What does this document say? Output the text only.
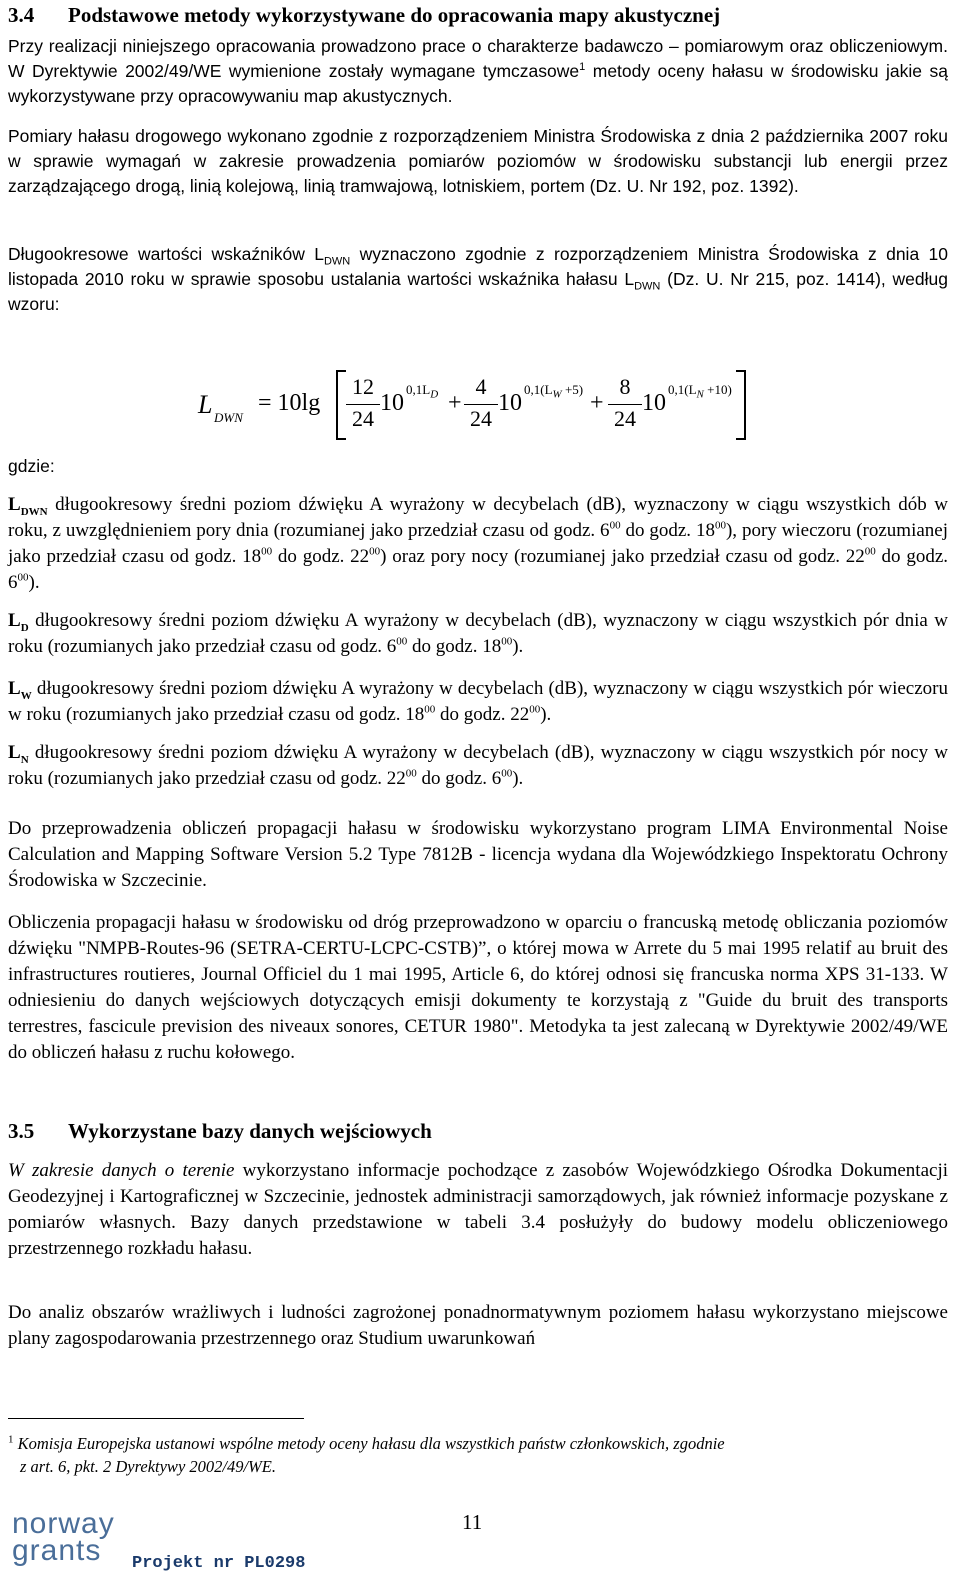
3.4	Podstawowe metody wykorzystywane do opracowania mapy akustycznej

Przy realizacji niniejszego opracowania prowadzono prace o charakterze badawczo – pomiarowym oraz obliczeniowym. W Dyrektywie 2002/49/WE wymienione zostały wymagane tymczasowe$^1$ metody oceny hałasu w środowisku jakie są wykorzystywane przy opracowywaniu map akustycznych.

Pomiary hałasu drogowego wykonano zgodnie z rozporządzeniem Ministra Środowiska z dnia 2 października 2007 roku w sprawie wymagań w zakresie prowadzenia pomiarów poziomów w środowisku substancji lub energii przez zarządzającego drogą, linią kolejową, linią tramwajową, lotniskiem, portem (Dz. U. Nr 192, poz. 1392).

Długookresowe wartości wskaźników $L_{DWN}$ wyznaczono zgodnie z rozporządzeniem Ministra Środowiska z dnia 10 listopada 2010 roku w sprawie sposobu ustalania wartości wskaźnika hałasu $L_{DWN}$ (Dz. U. Nr 215, poz. 1414), według wzoru:

L DWN
= 10lg
12
24
10
$0,1L_D$ +
4
24
10
$0,1(L_W +5)$
+
8
24
10
$0,1(L_N +10)$

gdzie:

$L_{DWN}$ długookresowy średni poziom dźwięku A wyrażony w decybelach (dB), wyznaczony w ciągu wszystkich dób w roku, z uwzględnieniem pory dnia (rozumianej jako przedział czasu od godz. $6^{00}$ do godz. $18^{00}$), pory wieczoru (rozumianej jako przedział czasu od godz. $18^{00}$ do godz. $22^{00}$) oraz pory nocy (rozumianej jako przedział czasu od godz. $22^{00}$ do godz. $6^{00}$).

$L_D$ długookresowy średni poziom dźwięku A wyrażony w decybelach (dB), wyznaczony w ciągu wszystkich pór dnia w roku (rozumianych jako przedział czasu od godz. $6^{00}$ do godz. $18^{00}$).

$L_W$ długookresowy średni poziom dźwięku A wyrażony w decybelach (dB), wyznaczony w ciągu wszystkich pór wieczoru w roku (rozumianych jako przedział czasu od godz. $18^{00}$ do godz. $22^{00}$).

$L_N$ długookresowy średni poziom dźwięku A wyrażony w decybelach (dB), wyznaczony w ciągu wszystkich pór nocy w roku (rozumianych jako przedział czasu od godz. $22^{00}$ do godz. $6^{00}$).

Do przeprowadzenia obliczeń propagacji hałasu w środowisku wykorzystano program LIMA Environmental Noise Calculation and Mapping Software Version 5.2 Type 7812B - licencja wydana dla Wojewódzkiego Inspektoratu Ochrony Środowiska w Szczecinie.

Obliczenia propagacji hałasu w środowisku od dróg przeprowadzono w oparciu o francuską metodę obliczania poziomów dźwięku "NMPB-Routes-96 (SETRA-CERTU-LCPC-CSTB)”, o której mowa w Arrete du 5 mai 1995 relatif au bruit des infrastructures routieres, Journal Officiel du 1 mai 1995, Article 6, do której odnosi się francuska norma XPS 31-133. W odniesieniu do danych wejściowych dotyczących emisji dokumenty te korzystają z "Guide du bruit des transports terrestres, fascicule prevision des niveaux sonores, CETUR 1980". Metodyka ta jest zalecaną w Dyrektywie 2002/49/WE do obliczeń hałasu z ruchu kołowego.

3.5	Wykorzystane bazy danych wejściowych

W zakresie danych o terenie wykorzystano informacje pochodzące z zasobów Wojewódzkiego Ośrodka Dokumentacji Geodezyjnej i Kartograficznej w Szczecinie, jednostek administracji samorządowych, jak również informacje pozyskane z pomiarów własnych. Bazy danych przedstawione w tabeli 3.4 posłużyły do budowy modelu obliczeniowego przestrzennego rozkładu hałasu.

Do analiz obszarów wrażliwych i ludności zagrożonej ponadnormatywnym poziomem hałasu wykorzystano miejscowe plany zagospodarowania przestrzennego oraz Studium uwarunkowań

$^1$ Komisja Europejska ustanowi wspólne metody oceny hałasu dla wszystkich państw członkowskich, zgodnie
z art. 6, pkt. 2 Dyrektywy 2002/49/WE.
11
norway
grants Projekt nr PL0298
